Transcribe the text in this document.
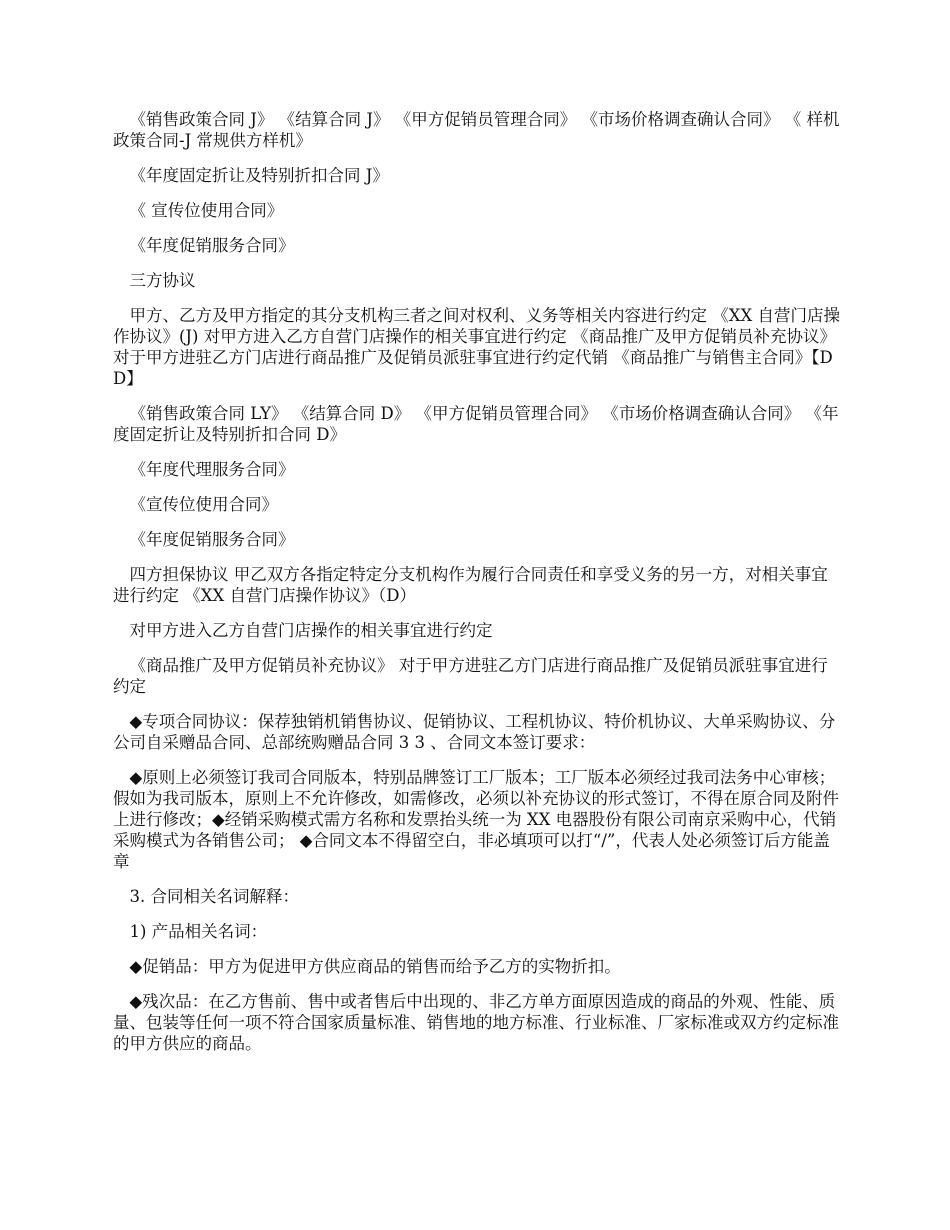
《销售政策合同 J》 《结算合同 J》 《甲方促销员管理合同》 《市场价格调查确认合同》 《 样机政策合同-J 常规供方样机》

《年度固定折让及特别折扣合同 J》

《 宣传位使用合同》

《年度促销服务合同》

三方协议

甲方、乙方及甲方指定的其分支机构三者之间对权利、义务等相关内容进行约定 《XX 自营门店操作协议》(J) 对甲方进入乙方自营门店操作的相关事宜进行约定 《商品推广及甲方促销员补充协议》 对于甲方进驻乙方门店进行商品推广及促销员派驻事宜进行约定代销 《商品推广与销售主合同》【D D】

《销售政策合同 LY》 《结算合同 D》 《甲方促销员管理合同》 《市场价格调查确认合同》 《年度固定折让及特别折扣合同 D》

《年度代理服务合同》

《宣传位使用合同》

《年度促销服务合同》

四方担保协议 甲乙双方各指定特定分支机构作为履行合同责任和享受义务的另一方，对相关事宜进行约定 《XX 自营门店操作协议》（D）

对甲方进入乙方自营门店操作的相关事宜进行约定

《商品推广及甲方促销员补充协议》 对于甲方进驻乙方门店进行商品推广及促销员派驻事宜进行约定

◆专项合同协议：保荐独销机销售协议、促销协议、工程机协议、特价机协议、大单采购协议、分公司自采赠品合同、总部统购赠品合同 3 3 、合同文本签订要求：

◆原则上必须签订我司合同版本，特别品牌签订工厂版本；工厂版本必须经过我司法务中心审核；假如为我司版本，原则上不允许修改，如需修改，必须以补充协议的形式签订，不得在原合同及附件上进行修改；◆经销采购模式需方名称和发票抬头统一为 XX 电器股份有限公司南京采购中心，代销采购模式为各销售公司； ◆合同文本不得留空白，非必填项可以打“/”，代表人处必须签订后方能盖章

3. 合同相关名词解释：

1) 产品相关名词：

◆促销品：甲方为促进甲方供应商品的销售而给予乙方的实物折扣。

◆残次品：在乙方售前、售中或者售后中出现的、非乙方单方面原因造成的商品的外观、性能、质量、包装等任何一项不符合国家质量标准、销售地的地方标准、行业标准、厂家标准或双方约定标准的甲方供应的商品。
